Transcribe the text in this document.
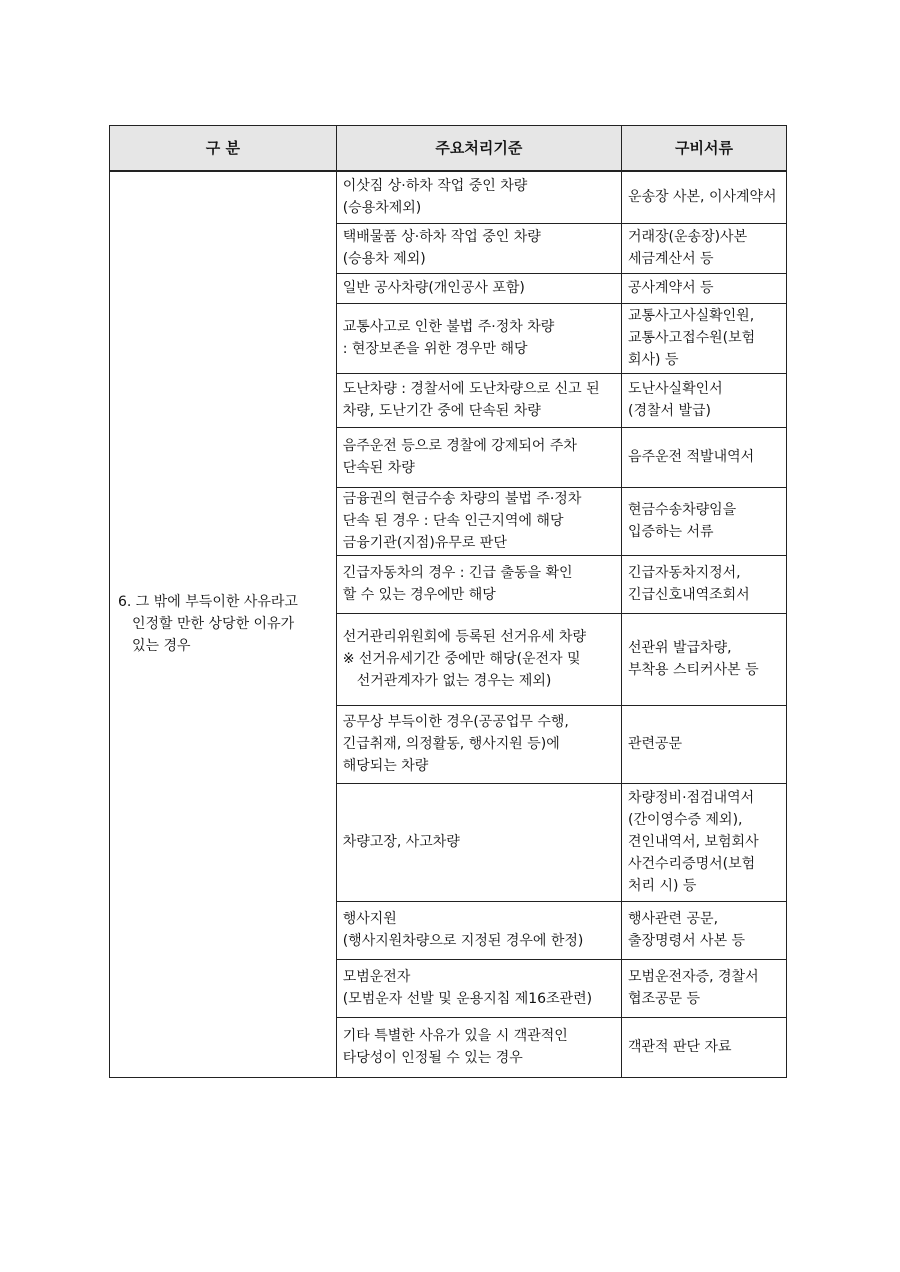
구 분	주요처리기준	구비서류

6. 그 밖에 부득이한 사유라고
인정할 만한 상당한 이유가
있는 경우	이삿짐 상·하차 작업 중인 차량
(승용차제외)	운송장 사본, 이사계약서

	택배물품 상·하차 작업 중인 차량
(승용차 제외)	거래장(운송장)사본
세금계산서 등

	일반 공사차량(개인공사 포함)	공사계약서 등

	교통사고로 인한 불법 주·정차 차량
: 현장보존을 위한 경우만 해당	교통사고사실확인원,
교통사고접수원(보험
회사) 등

	도난차량 : 경찰서에 도난차량으로 신고 된
차량, 도난기간 중에 단속된 차량	도난사실확인서
(경찰서 발급)

	음주운전 등으로 경찰에 강제되어 주차
단속된 차량	음주운전 적발내역서

	금융권의 현금수송 차량의 불법 주·정차
단속 된 경우 : 단속 인근지역에 해당
금융기관(지점)유무로 판단	현금수송차량임을
입증하는 서류

	긴급자동차의 경우 : 긴급 출동을 확인
할 수 있는 경우에만 해당	긴급자동차지정서,
긴급신호내역조회서

	선거관리위원회에 등록된 선거유세 차량
※ 선거유세기간 중에만 해당(운전자 및 선거관계자가 없는 경우는 제외)	선관위 발급차량,
부착용 스티커사본 등

	공무상 부득이한 경우(공공업무 수행,
긴급취재, 의정활동, 행사지원 등)에
해당되는 차량	관련공문

	차량고장, 사고차량	차량정비·점검내역서
(간이영수증 제외),
견인내역서, 보험회사
사건수리증명서(보험
처리 시) 등

	행사지원
(행사지원차량으로 지정된 경우에 한정)	행사관련 공문,
출장명령서 사본 등

	모범운전자
(모범운자 선발 및 운용지침 제16조관련)	모범운전자증, 경찰서
협조공문 등

	기타 특별한 사유가 있을 시 객관적인
타당성이 인정될 수 있는 경우	객관적 판단 자료
